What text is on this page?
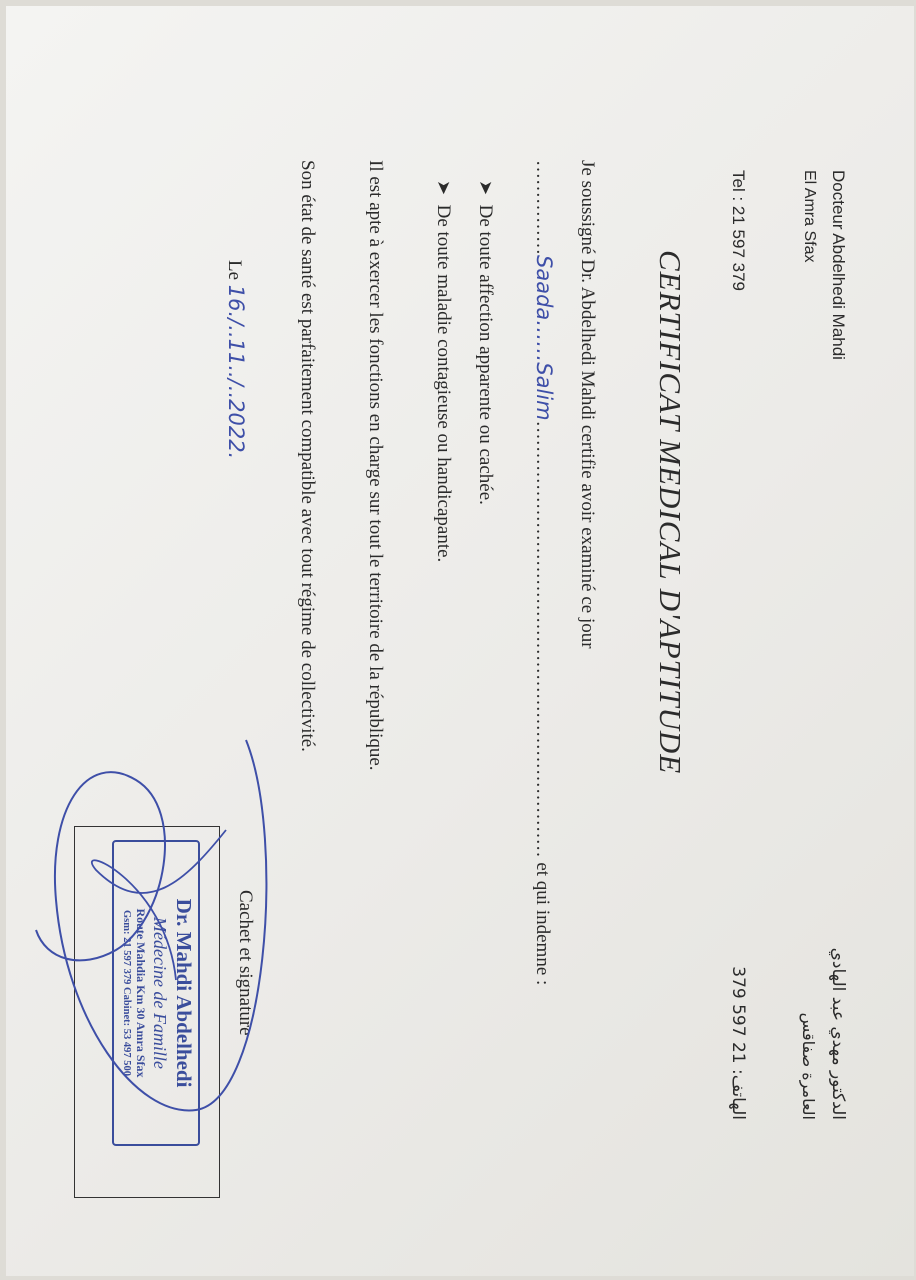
Docteur Abdelhedi Mahdi
El Amra Sfax
Tel : 21 597 379
الدكتور مهدي عبد الهادي
CERTIFICAT MEDICAL D'APTITUDE
Je soussigné Dr. Abdelhedi Mahdi certifie avoir examiné ce jour
……………Saada……Salim…………………………………………………………… et qui indemne :
➤  De toute affection apparente ou cachée.
➤  De toute maladie contagieuse ou handicapante.
Il est apte à exercer les fonctions en charge sur tout le territoire de la république.
Son état de santé est parfaitement compatible avec tout régime de collectivité.
Le 16./..11../..2022.
Cachet et signature
Dr. Mahdi Abdelhedi
Médecine de Famille
Route Mahdia Km 30 Amra Sfax
Gsm: 21 597 379 Cabinet: 53 497 500	العامرة صفاقس
الهاتف: 21 597 379
